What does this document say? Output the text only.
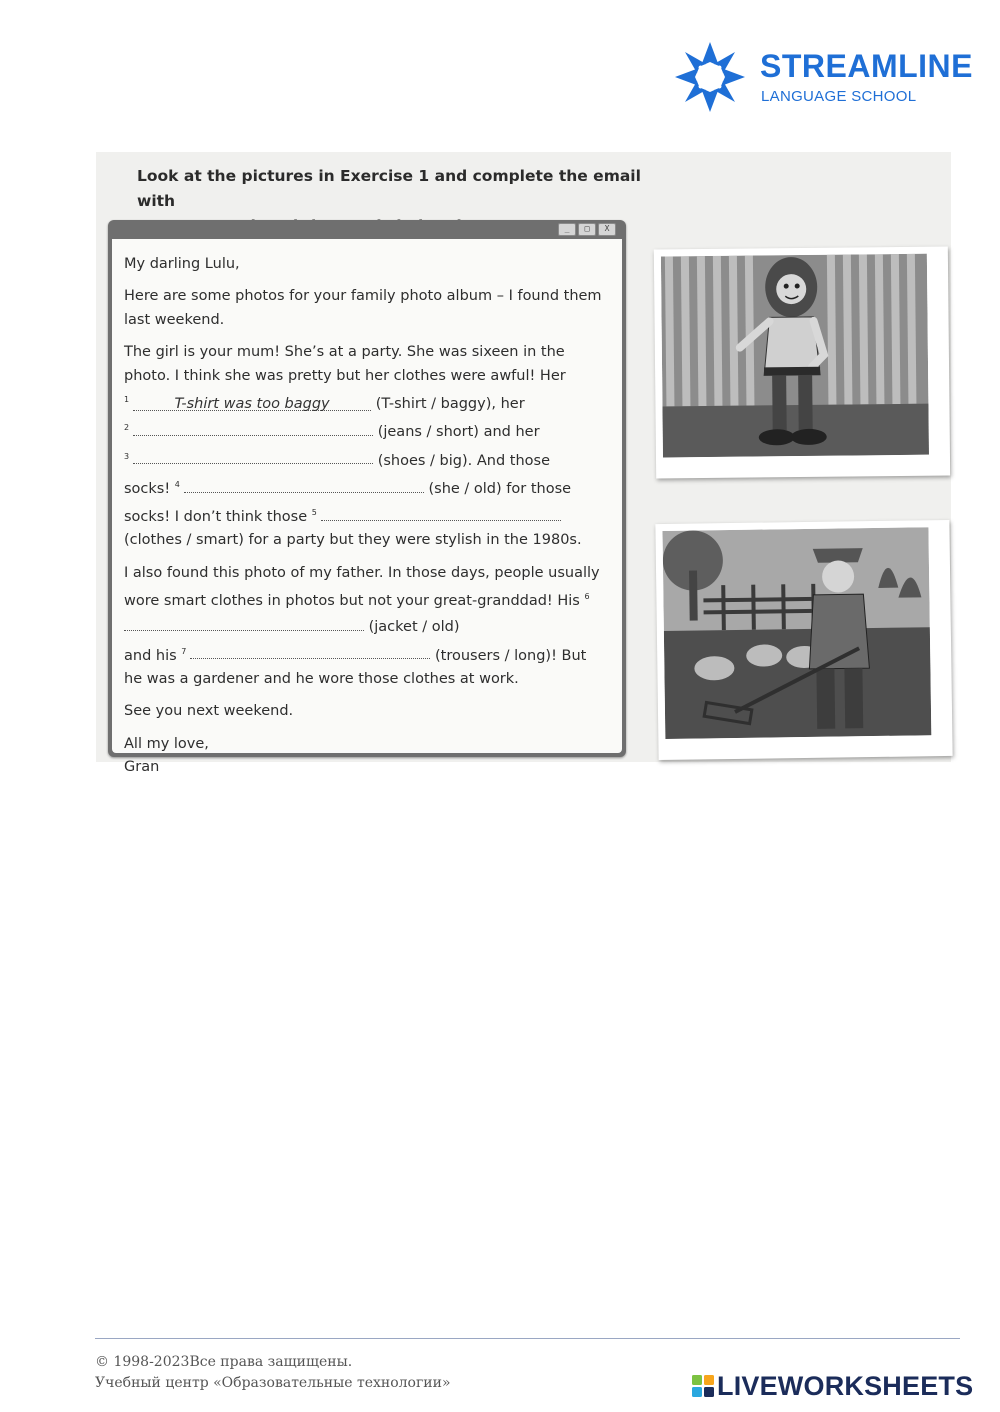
STREAMLINE
LANGUAGE SCHOOL
Look at the pictures in Exercise 1 and complete the email with

_	□	X

My darling Lulu,

Here are some photos for your family photo album – I found them last weekend.

The girl is your mum! She’s at a party. She was sixeen in the photo. I think she was pretty but her clothes were awful! Her
$^1$	T-shirt was too baggy	(T-shirt / baggy), her
$^2$	(jeans / short) and her
$^3$	(shoes / big). And those
socks! $^4$	(she / old) for those
socks! I don’t think those $^5$
(clothes / smart) for a party but they were stylish in the 1980s.

I also found this photo of my father. In those days, people usually wore smart clothes in photos but not your great-granddad! His $^6$ (jacket / old)
and his $^7$	(trousers / long)! But
he was a gardener and he wore those clothes at work.

See you next weekend.

All my love,
Gran

© 1998-2023Все права защищены.
Учебный центр «Образовательные технологии»	LIVEWORKSHEETS
